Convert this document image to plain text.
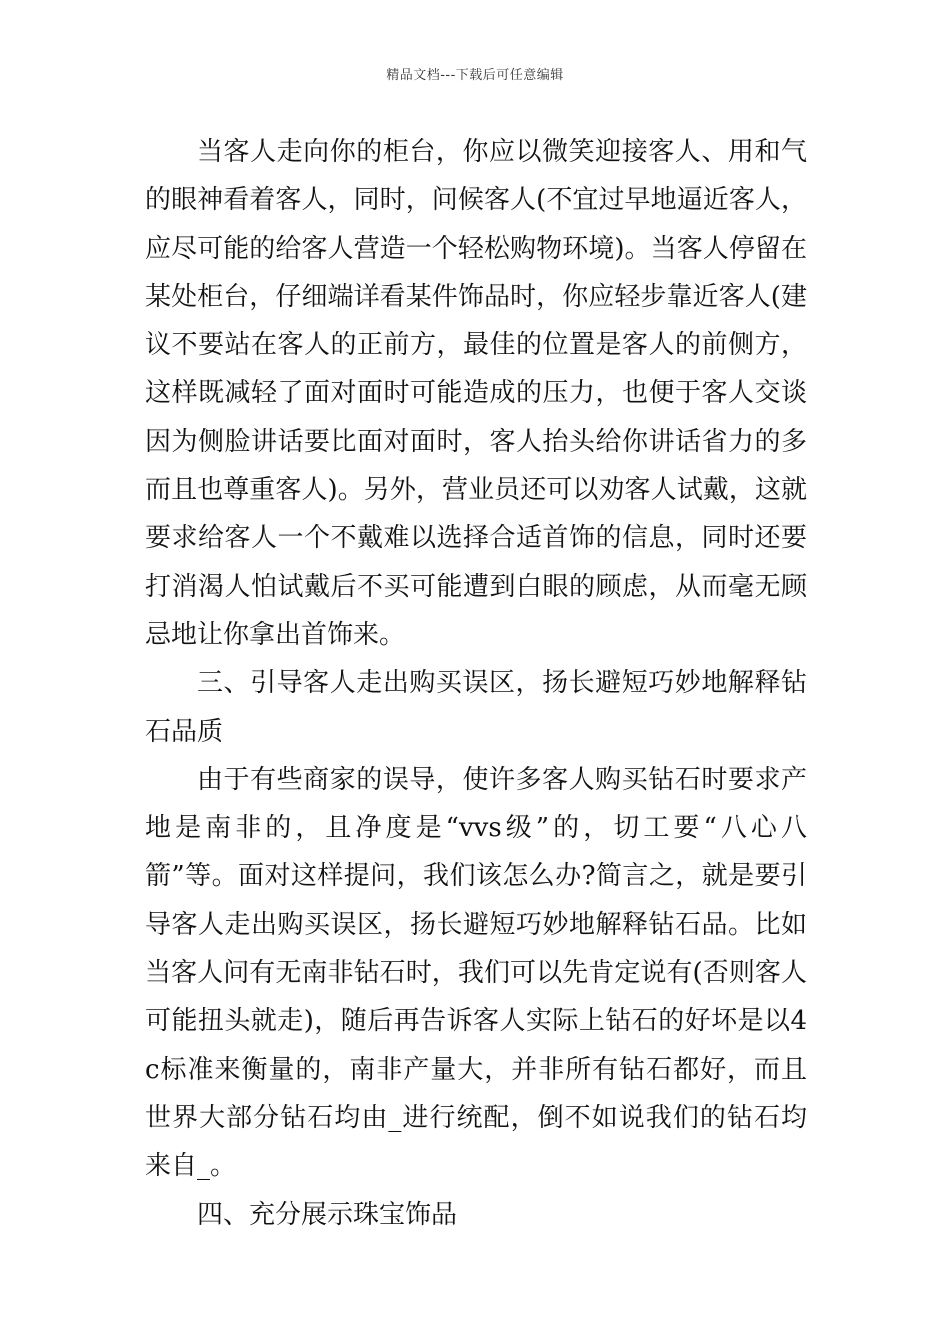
精品文档---下载后可任意编辑

当客人走向你的柜台，你应以微笑迎接客人、用和气的眼神看着客人，同时，问候客人(不宜过早地逼近客人，应尽可能的给客人营造一个轻松购物环境)。当客人停留在某处柜台，仔细端详看某件饰品时，你应轻步靠近客人(建议不要站在客人的正前方，最佳的位置是客人的前侧方，这样既减轻了面对面时可能造成的压力，也便于客人交谈因为侧脸讲话要比面对面时，客人抬头给你讲话省力的多而且也尊重客人)。另外，营业员还可以劝客人试戴，这就要求给客人一个不戴难以选择合适首饰的信息，同时还要打消渴人怕试戴后不买可能遭到白眼的顾虑，从而毫无顾忌地让你拿出首饰来。

三、引导客人走出购买误区，扬长避短巧妙地解释钻石品质

由于有些商家的误导，使许多客人购买钻石时要求产地是南非的，且净度是“vvs级”的，切工要“八心八箭”等。面对这样提问，我们该怎么办?简言之，就是要引导客人走出购买误区，扬长避短巧妙地解释钻石品。比如当客人问有无南非钻石时，我们可以先肯定说有(否则客人可能扭头就走)，随后再告诉客人实际上钻石的好坏是以4c标准来衡量的，南非产量大，并非所有钻石都好，而且世界大部分钻石均由_进行统配，倒不如说我们的钻石均来自_。

四、充分展示珠宝饰品
